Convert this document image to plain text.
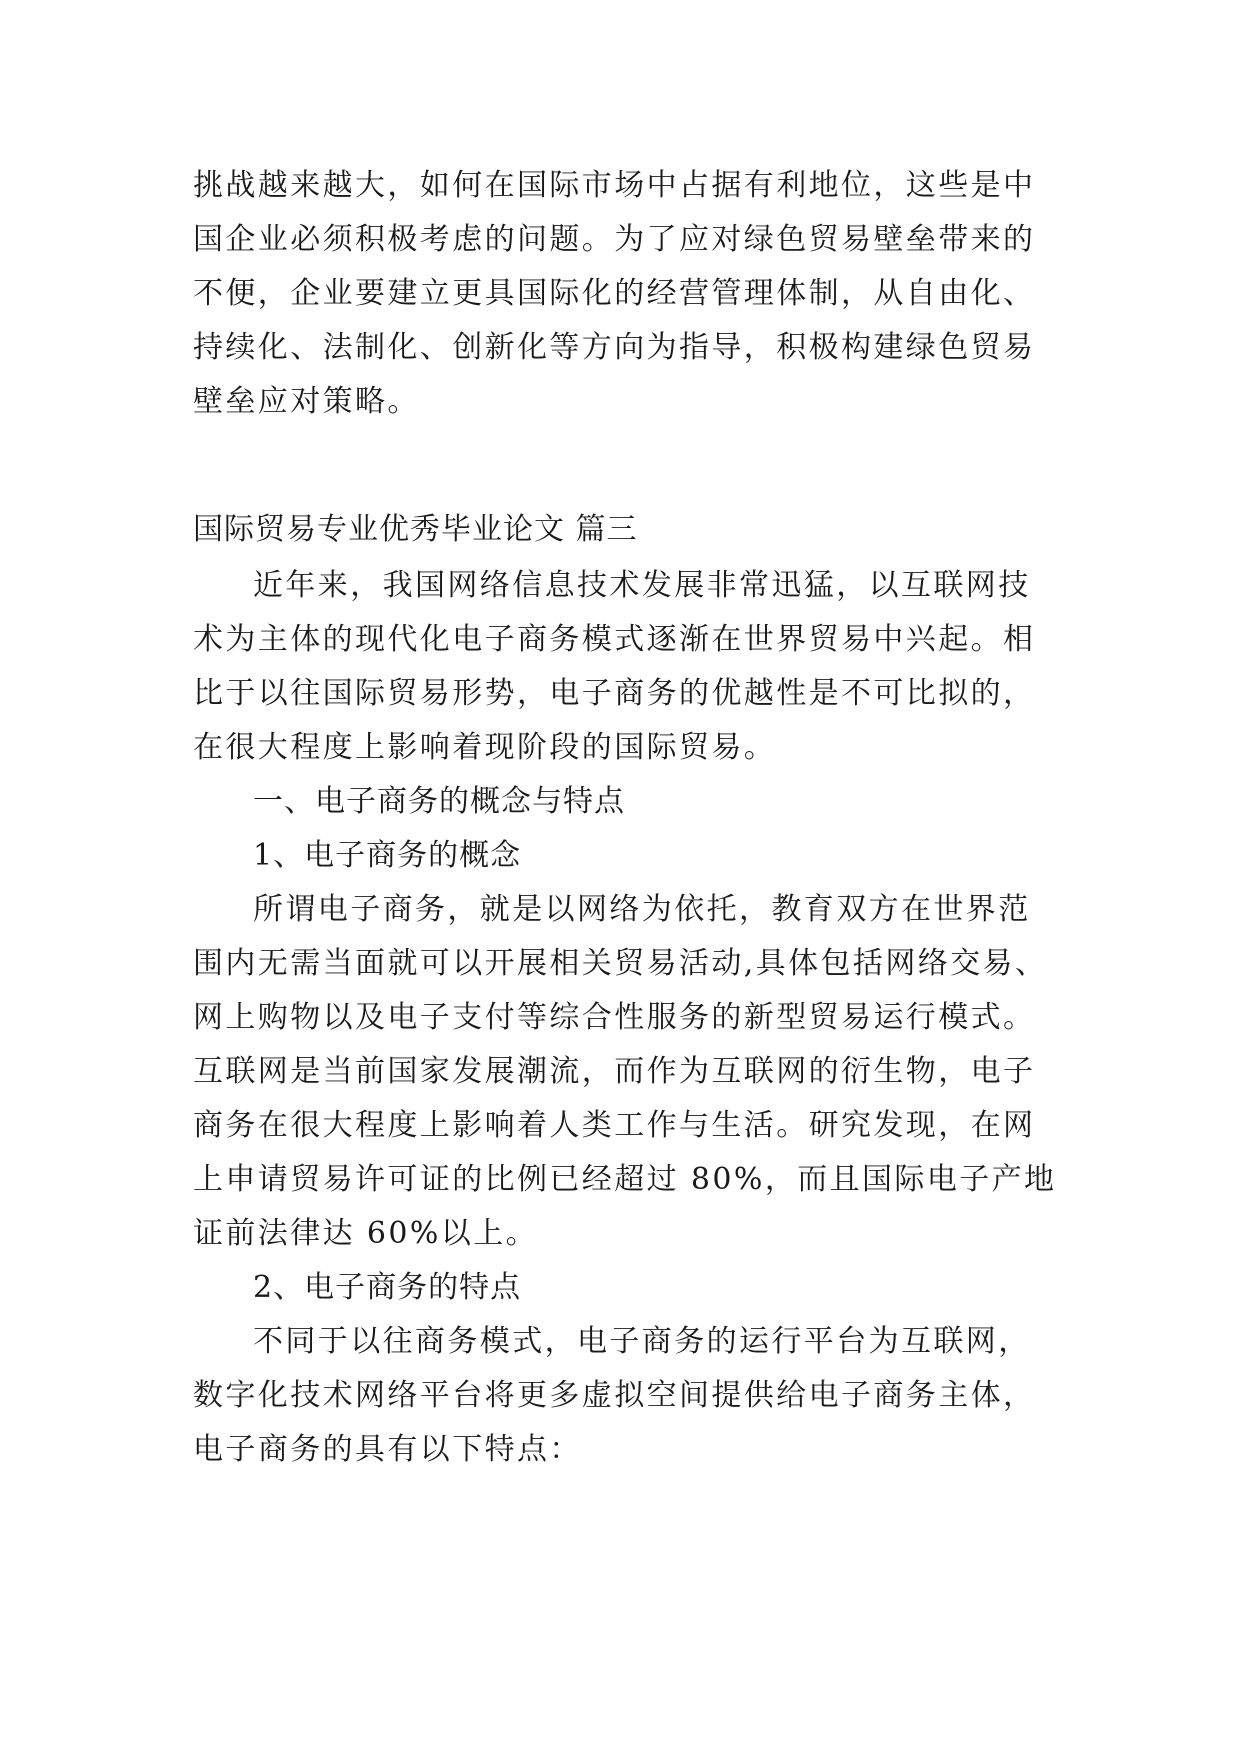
挑战越来越大，如何在国际市场中占据有利地位，这些是中
国企业必须积极考虑的问题。为了应对绿色贸易壁垒带来的
不便，企业要建立更具国际化的经营管理体制，从自由化、
持续化、法制化、创新化等方向为指导，积极构建绿色贸易
壁垒应对策略。
国际贸易专业优秀毕业论文 篇三
近年来，我国网络信息技术发展非常迅猛，以互联网技
术为主体的现代化电子商务模式逐渐在世界贸易中兴起。相
比于以往国际贸易形势，电子商务的优越性是不可比拟的，
在很大程度上影响着现阶段的国际贸易。
一、电子商务的概念与特点
1、电子商务的概念
所谓电子商务，就是以网络为依托，教育双方在世界范
围内无需当面就可以开展相关贸易活动,具体包括网络交易、
网上购物以及电子支付等综合性服务的新型贸易运行模式。
互联网是当前国家发展潮流，而作为互联网的衍生物，电子
商务在很大程度上影响着人类工作与生活。研究发现，在网
上申请贸易许可证的比例已经超过 80%，而且国际电子产地
证前法律达 60%以上。
2、电子商务的特点
不同于以往商务模式，电子商务的运行平台为互联网，
数字化技术网络平台将更多虚拟空间提供给电子商务主体，
电子商务的具有以下特点：
